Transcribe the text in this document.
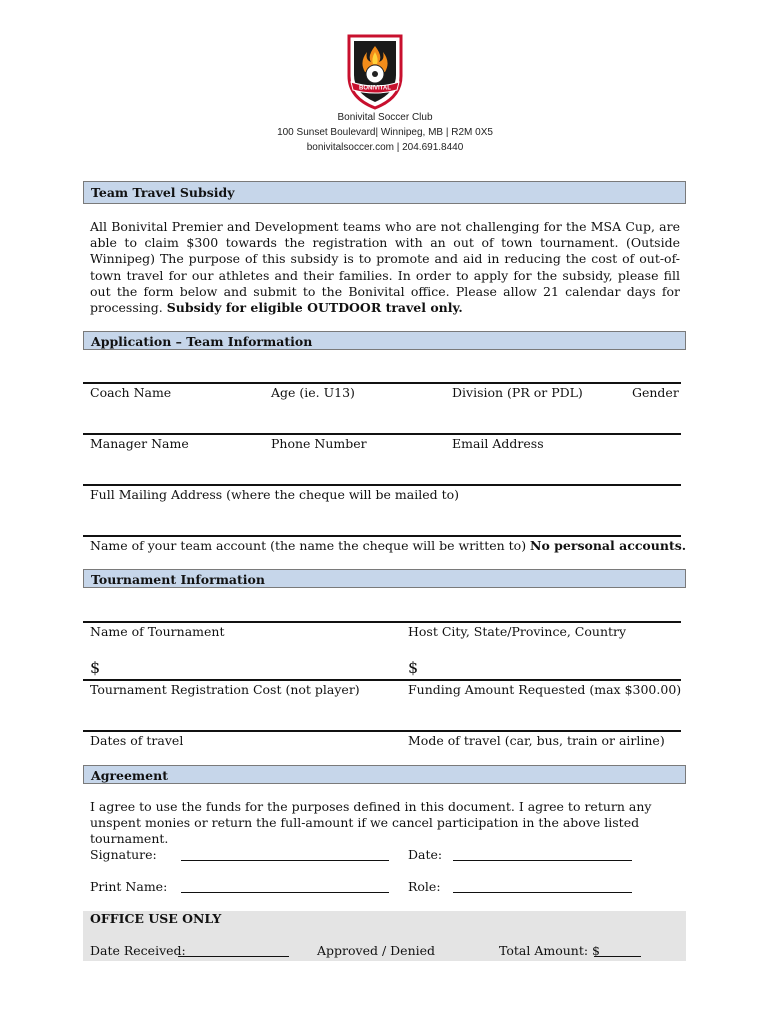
BONIVITAL
Bonivital Soccer Club
100 Sunset Boulevard| Winnipeg, MB | R2M 0X5
bonivitalsoccer.com | 204.691.8440
Team Travel Subsidy
All Bonivital Premier and Development teams who are not challenging for the MSA Cup, are able to claim $300 towards the registration with an out of town tournament. (Outside Winnipeg) The purpose of this subsidy is to promote and aid in reducing the cost of out-of-town travel for our athletes and their families. In order to apply for the subsidy, please fill out the form below and submit to the Bonivital office. Please allow 21 calendar days for processing. Subsidy for eligible OUTDOOR travel only.
Application – Team Information
Coach Name	Age (ie. U13)	Division (PR or PDL)	Gender
Manager Name	Phone Number	Email Address
Full Mailing Address (where the cheque will be mailed to)
Name of your team account (the name the cheque will be written to) No personal accounts.
Tournament Information
Name of Tournament	Host City, State/Province, Country
$	$
Tournament Registration Cost (not player)	Funding Amount Requested (max $300.00)
Dates of travel	Mode of travel (car, bus, train or airline)
Agreement
I agree to use the funds for the purposes defined in this document. I agree to return any unspent monies or return the full-amount if we cancel participation in the above listed tournament.
Signature:	Date:
Print Name:	Role:
OFFICE USE ONLY
Date Received:	Approved / Denied	Total Amount: $
